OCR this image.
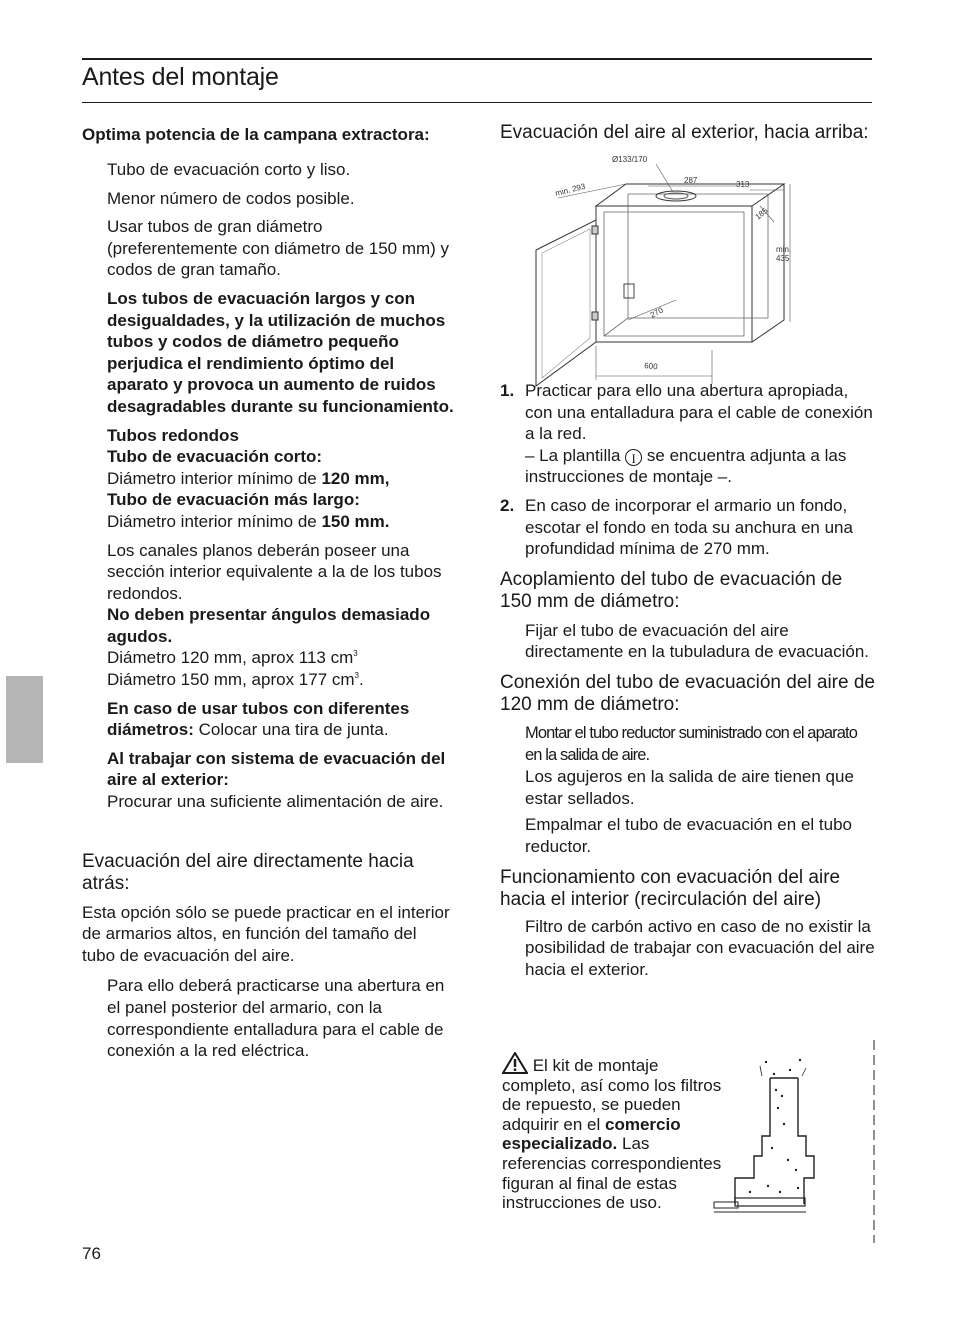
Antes del montaje

Optima potencia de la campana extractora:

Tubo de evacuación corto y liso.

Menor número de codos posible.

Usar tubos de gran diámetro (preferentemente con diámetro de 150 mm) y codos de gran tamaño.

Los tubos de evacuación largos y con desigualdades, y la utilización de muchos tubos y codos de diámetro pequeño perjudica el rendimiento óptimo del aparato y provoca un aumento de ruidos desagradables durante su funcionamiento.

Tubos redondos

Tubo de evacuación corto:

Diámetro interior mínimo de 120 mm,

Tubo de evacuación más largo:

Diámetro interior mínimo de 150 mm.

Los canales planos deberán poseer una sección interior equivalente a la de los tubos redondos.

No deben presentar ángulos demasiado agudos.

Diámetro 120 mm, aprox 113 $cm^3$

Diámetro 150 mm, aprox 177 $cm^3$.

En caso de usar tubos con diferentes diámetros: Colocar una tira de junta.

Al trabajar con sistema de evacuación del aire al exterior:

Procurar una suficiente alimentación de aire.

Evacuación del aire directamente hacia atrás:

Esta opción sólo se puede practicar en el interior de armarios altos, en función del tamaño del tubo de evacuación del aire.

Para ello deberá practicarse una abertura en el panel posterior del armario, con la correspondiente entalladura para el cable de conexión a la red eléctrica.

Evacuación del aire al exterior, hacia arriba:

1. Practicar para ello una abertura apropiada, con una entalladura para el cable de conexión a la red.

– La plantilla I se encuentra adjunta a las instrucciones de montaje –.

2. En caso de incorporar el armario un fondo, escotar el fondo en toda su anchura en una profundidad mínima de 270 mm.

Acoplamiento del tubo de evacuación de 150 mm de diámetro:

Fijar el tubo de evacuación del aire directamente en la tubuladura de evacuación.

Conexión del tubo de evacuación del aire de 120 mm de diámetro:

Montar el tubo reductor suministrado con el aparato en la salida de aire.

Los agujeros en la salida de aire tienen que estar sellados.

Empalmar el tubo de evacuación en el tubo reductor.

Funcionamiento con evacuación del aire hacia el interior (recirculación del aire)

Filtro de carbón activo en caso de no existir la posibilidad de trabajar con evacuación del aire hacia el exterior.

Ø133/170
287	313
min. 293
185
min.
435
270
600
El kit de montaje completo, así como los filtros de repuesto, se pueden adquirir en el comercio especializado. Las referencias correspondientes figuran al final de estas instrucciones de uso.
76
